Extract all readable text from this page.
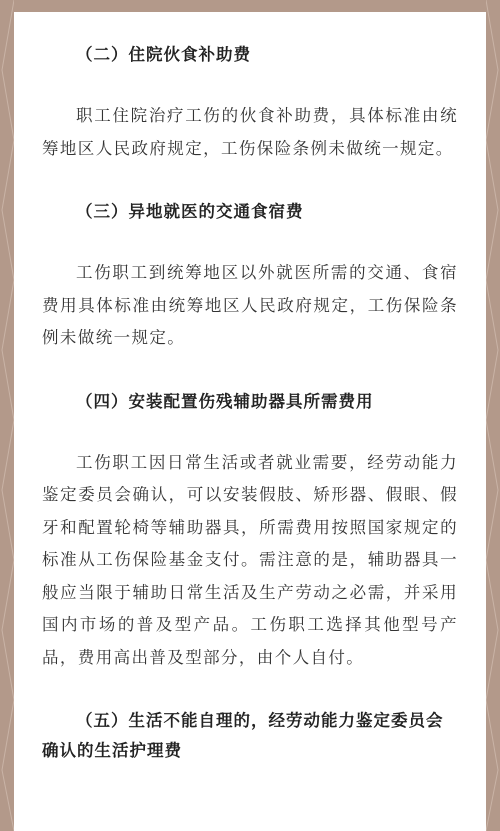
（二）住院伙食补助费

职工住院治疗工伤的伙食补助费，具体标准由统筹地区人民政府规定，工伤保险条例未做统一规定。

（三）异地就医的交通食宿费

工伤职工到统筹地区以外就医所需的交通、食宿费用具体标准由统筹地区人民政府规定，工伤保险条例未做统一规定。

（四）安装配置伤残辅助器具所需费用

工伤职工因日常生活或者就业需要，经劳动能力鉴定委员会确认，可以安装假肢、矫形器、假眼、假牙和配置轮椅等辅助器具，所需费用按照国家规定的标准从工伤保险基金支付。需注意的是，辅助器具一般应当限于辅助日常生活及生产劳动之必需，并采用国内市场的普及型产品。工伤职工选择其他型号产品，费用高出普及型部分，由个人自付。

（五）生活不能自理的，经劳动能力鉴定委员会确认的生活护理费
